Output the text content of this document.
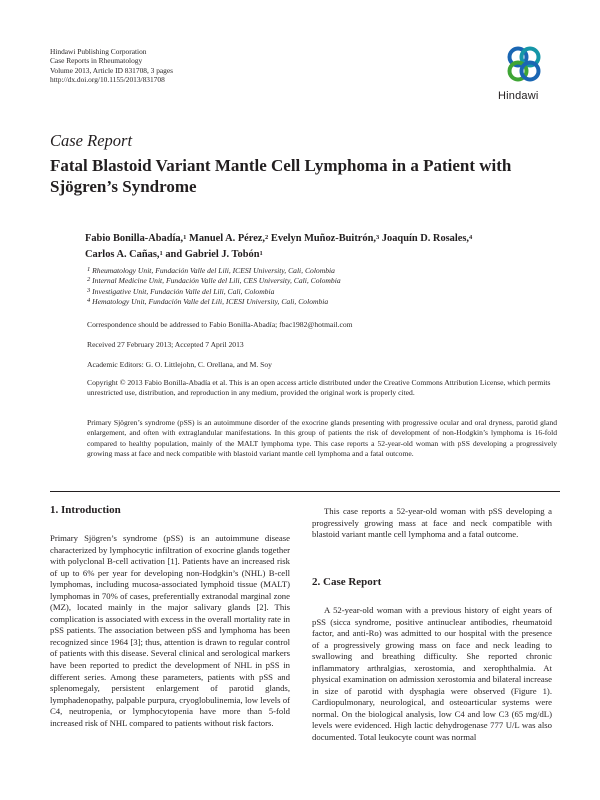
Hindawi Publishing Corporation
Case Reports in Rheumatology
Volume 2013, Article ID 831708, 3 pages
http://dx.doi.org/10.1155/2013/831708
Hindawi
Case Report
Fatal Blastoid Variant Mantle Cell Lymphoma in a Patient with
Sjögren’s Syndrome
Fabio Bonilla-Abadía,$^1$ Manuel A. Pérez,$^2$ Evelyn Muñoz-Buitrón,$^3$ Joaquín D. Rosales,$^4$
Carlos A. Cañas,$^1$ and Gabriel J. Tobón$^1$
$^1$ Rheumatology Unit, Fundación Valle del Lili, ICESI University, Cali, Colombia
$^2$ Internal Medicine Unit, Fundación Valle del Lili, CES University, Cali, Colombia
$^3$ Investigative Unit, Fundación Valle del Lili, Cali, Colombia
$^4$ Hematology Unit, Fundación Valle del Lili, ICESI University, Cali, Colombia
Correspondence should be addressed to Fabio Bonilla-Abadía; fbac1982@hotmail.com
Received 27 February 2013; Accepted 7 April 2013
Academic Editors: G. O. Littlejohn, C. Orellana, and M. Soy
Copyright © 2013 Fabio Bonilla-Abadía et al. This is an open access article distributed under the Creative Commons Attribution License, which permits unrestricted use, distribution, and reproduction in any medium, provided the original work is properly cited.
Primary Sjögren’s syndrome (pSS) is an autoimmune disorder of the exocrine glands presenting with progressive ocular and oral dryness, parotid gland enlargement, and often with extraglandular manifestations. In this group of patients the risk of development of non-Hodgkin’s lymphoma is 16-fold compared to healthy population, mainly of the MALT lymphoma type. This case reports a 52-year-old woman with pSS developing a progressively growing mass at face and neck compatible with blastoid variant mantle cell lymphoma and a fatal outcome.
1. Introduction

Primary Sjögren’s syndrome (pSS) is an autoimmune disease characterized by lymphocytic infiltration of exocrine glands together with polyclonal B-cell activation [1]. Patients have an increased risk of up to 6% per year for developing non-Hodgkin’s (NHL) B-cell lymphomas, including mucosa-associated lymphoid tissue (MALT) lymphomas in 70% of cases, preferentially extranodal marginal zone (MZ), located mainly in the major salivary glands [2]. This complication is associated with excess in the overall mortality rate in pSS patients. The association between pSS and lymphoma has been recognized since 1964 [3]; thus, attention is drawn to regular control of patients with this disease. Several clinical and serological markers have been reported to predict the development of NHL in pSS in different series. Among these parameters, patients with pSS and splenomegaly, persistent enlargement of parotid glands, lymphadenopathy, palpable purpura, cryoglobulinemia, low levels of C4, neutropenia, or lymphocytopenia have more than 5-fold increased risk of NHL compared to patients without risk factors.

This case reports a 52-year-old woman with pSS developing a progressively growing mass at face and neck compatible with blastoid variant mantle cell lymphoma and a fatal outcome.

2. Case Report

A 52-year-old woman with a previous history of eight years of pSS (sicca syndrome, positive antinuclear antibodies, rheumatoid factor, and anti-Ro) was admitted to our hospital with the presence of a progressively growing mass on face and neck leading to swallowing and breathing difficulty. She reported chronic inflammatory arthralgias, xerostomia, and xerophthalmia. At physical examination on admission xerostomia and bilateral increase in size of parotid with dysphagia were observed (Figure 1). Cardiopulmonary, neurological, and osteoarticular systems were normal. On the biological analysis, low C4 and low C3 (65 mg/dL) levels were evidenced. High lactic dehydrogenase 777 U/L was also documented. Total leukocyte count was normal
